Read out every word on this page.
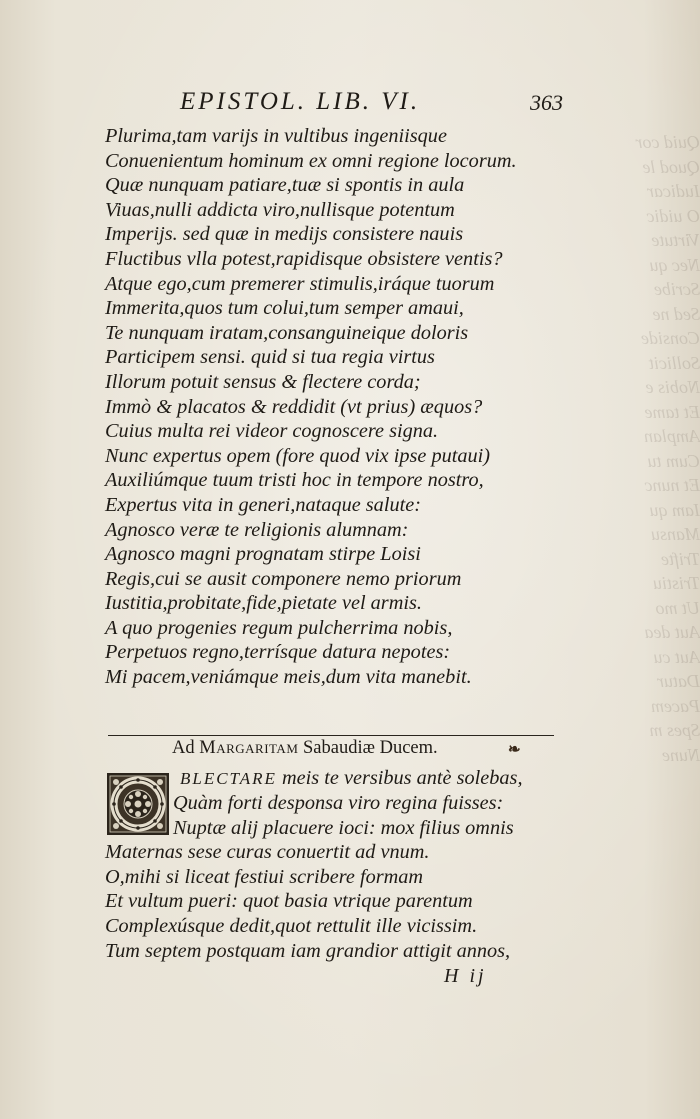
Quid cor
Quod le
Iudicar
O uidic
Virtute
Nec qu
Scribe
Sed ne
Conside
Sollicit
Nobis e
Et tame
Amplan
Cum tu
Et nunc
Iam qu
Mansu
Trifte
Tristiu
Ut mo
Aut dea
Aut cu
Datur
Pacem
Spes m
Nune
EPISTOL. LIB. VI.	363
Plurima,tam varijs in vultibus ingeniisque
Conuenientum hominum ex omni regione locorum.
Quæ nunquam patiare,tuæ si spontis in aula
Viuas,nulli addicta viro,nullisque potentum
Imperijs. sed quæ in medijs consistere nauis
Fluctibus vlla potest,rapidisque obsistere ventis?
Atque ego,cum premerer stimulis,iráque tuorum
Immerita,quos tum colui,tum semper amaui,
Te nunquam iratam,consanguineique doloris
Participem sensi. quid si tua regia virtus
Illorum potuit sensus & flectere corda;
Immò & placatos & reddidit (vt prius) æquos?
Cuius multa rei videor cognoscere signa.
Nunc expertus opem (fore quod vix ipse putaui)
Auxiliúmque tuum tristi hoc in tempore nostro,
Expertus vita in generi,nataque salute:
Agnosco veræ te religionis alumnam:
Agnosco magni prognatam stirpe Loisi
Regis,cui se ausit componere nemo priorum
Iustitia,probitate,fide,pietate vel armis.
A quo progenies regum pulcherrima nobis,
Perpetuos regno,terrísque datura nepotes:
Mi pacem,veniámque meis,dum vita manebit.
Ad Margaritam Sabaudiæ Ducem.	❧
BLECTARE meis te versibus antè solebas,
Quàm forti desponsa viro regina fuisses:
Nuptæ alij placuere ioci: mox filius omnis
Maternas sese curas conuertit ad vnum.
O,mihi si liceat festiui scribere formam
Et vultum pueri: quot basia vtrique parentum
Complexúsque dedit,quot rettulit ille vicissim.
Tum septem postquam iam grandior attigit annos,
H ij
